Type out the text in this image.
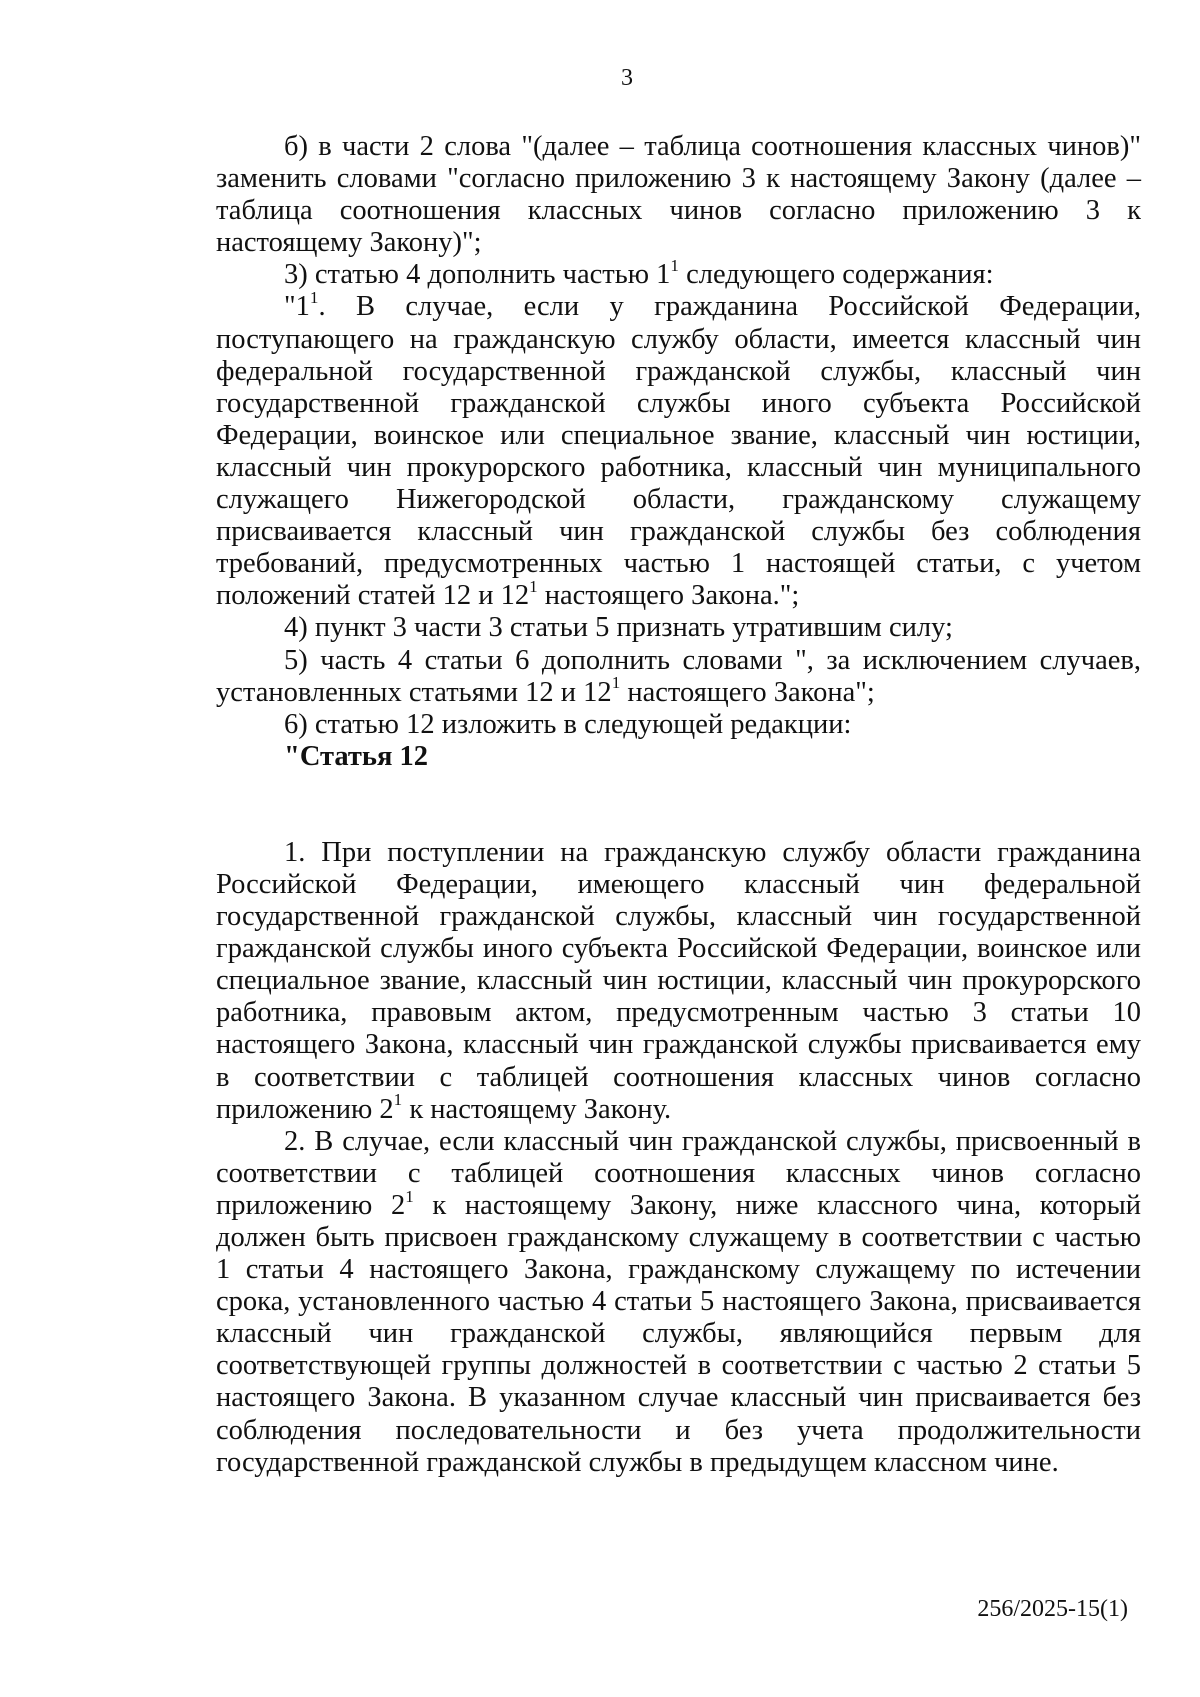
3

б) в части 2 слова "(далее – таблица соотношения классных чинов)" заменить словами "согласно приложению 3 к настоящему Закону (далее – таблица соотношения классных чинов согласно приложению 3 к настоящему Закону)";

3) статью 4 дополнить частью $1^1$ следующего содержания:

"$1^1$. В случае, если у гражданина Российской Федерации, поступающего на гражданскую службу области, имеется классный чин федеральной государственной гражданской службы, классный чин государственной гражданской службы иного субъекта Российской Федерации, воинское или специальное звание, классный чин юстиции, классный чин прокурорского работника, классный чин муниципального служащего Нижегородской области, гражданскому служащему присваивается классный чин гражданской службы без соблюдения требований, предусмотренных частью 1 настоящей статьи, с учетом положений статей 12 и $12^1$ настоящего Закона.";

4) пункт 3 части 3 статьи 5 признать утратившим силу;

5) часть 4 статьи 6 дополнить словами ", за исключением случаев, установленных статьями 12 и $12^1$ настоящего Закона";

6) статью 12 изложить в следующей редакции:

"Статья 12

1. При поступлении на гражданскую службу области гражданина Российской Федерации, имеющего классный чин федеральной государственной гражданской службы, классный чин государственной гражданской службы иного субъекта Российской Федерации, воинское или специальное звание, классный чин юстиции, классный чин прокурорского работника, правовым актом, предусмотренным частью 3 статьи 10 настоящего Закона, классный чин гражданской службы присваивается ему в соответствии с таблицей соотношения классных чинов согласно приложению $2^1$ к настоящему Закону.

2. В случае, если классный чин гражданской службы, присвоенный в соответствии с таблицей соотношения классных чинов согласно приложению $2^1$ к настоящему Закону, ниже классного чина, который должен быть присвоен гражданскому служащему в соответствии с частью 1 статьи 4 настоящего Закона, гражданскому служащему по истечении срока, установленного частью 4 статьи 5 настоящего Закона, присваивается классный чин гражданской службы, являющийся первым для соответствующей группы должностей в соответствии с частью 2 статьи 5 настоящего Закона. В указанном случае классный чин присваивается без соблюдения последовательности и без учета продолжительности государственной гражданской службы в предыдущем классном чине.

256/2025-15(1)
